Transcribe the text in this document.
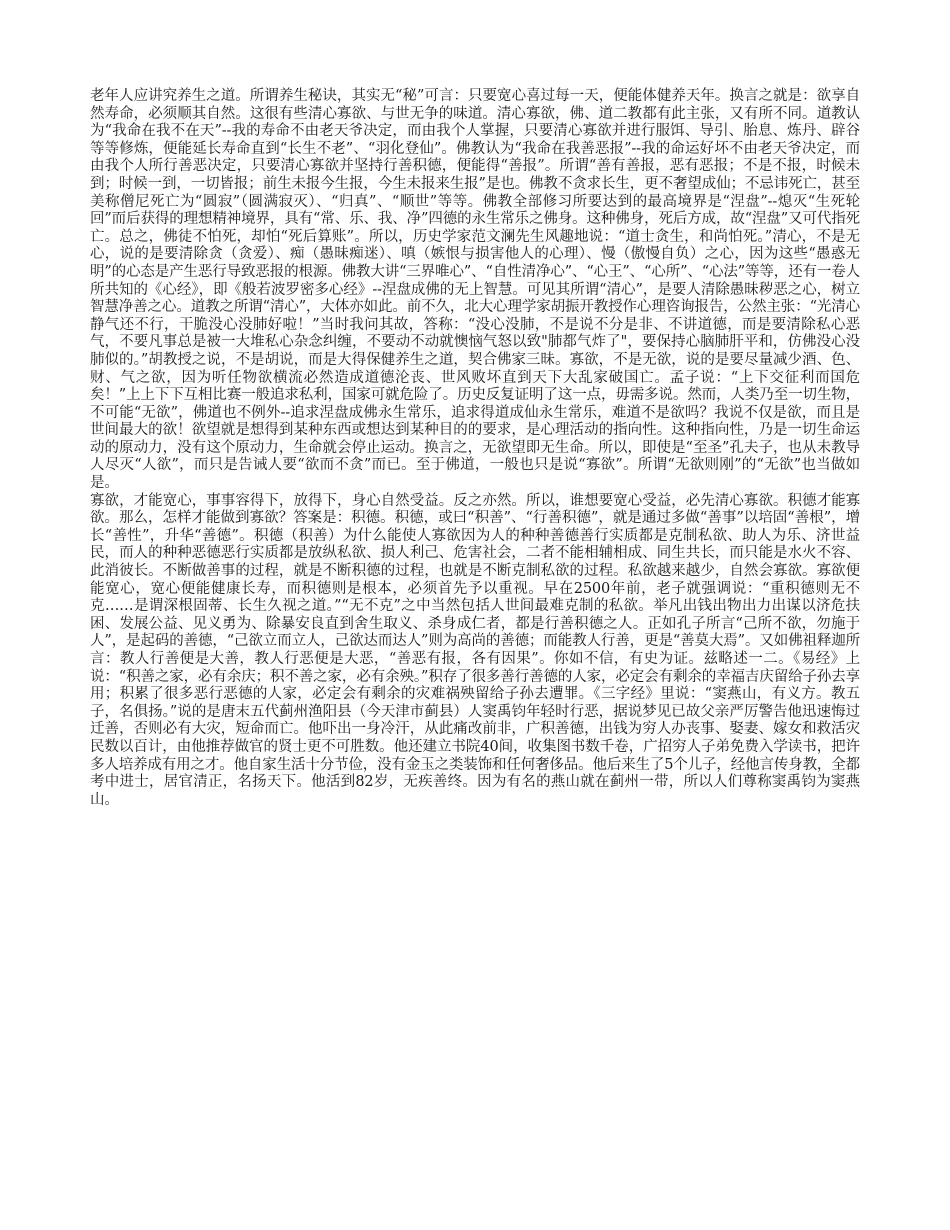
老年人应讲究养生之道。所谓养生秘诀，其实无“秘”可言：只要宽心喜过每一天，便能体健养天年。换言之就是：欲享自然寿命，必须顺其自然。这很有些清心寡欲、与世无争的味道。清心寡欲，佛、道二教都有此主张，又有所不同。道教认为“我命在我不在天”--我的寿命不由老天爷决定，而由我个人掌握，只要清心寡欲并进行服饵、导引、胎息、炼丹、辟谷等等修炼，便能延长寿命直到“长生不老”、“羽化登仙”。佛教认为“我命在我善恶报”--我的命运好坏不由老天爷决定，而由我个人所行善恶决定，只要清心寡欲并坚持行善积德，便能得“善报”。所谓“善有善报，恶有恶报；不是不报，时候未到；时候一到，一切皆报；前生未报今生报，今生未报来生报”是也。佛教不贪求长生，更不奢望成仙；不忌讳死亡，甚至美称僧尼死亡为“圆寂”（圆满寂灭）、“归真”、“顺世”等等。佛教全部修习所要达到的最高境界是“涅盘”--熄灭“生死轮回”而后获得的理想精神境界，具有“常、乐、我、净”四德的永生常乐之佛身。这种佛身，死后方成，故“涅盘”又可代指死亡。总之，佛徒不怕死，却怕“死后算账”。所以，历史学家范文澜先生风趣地说：“道士贪生，和尚怕死。”清心，不是无心，说的是要清除贪（贪爱）、痴（愚昧痴迷）、嗔（嫉恨与损害他人的心理）、慢（傲慢自负）之心，因为这些“愚惑无明”的心态是产生恶行导致恶报的根源。佛教大讲“三界唯心”、“自性清净心”、“心王”、“心所”、“心法”等等，还有一卷人所共知的《心经》，即《般若波罗密多心经》--涅盘成佛的无上智慧。可见其所谓“清心”，是要人清除愚昧秽恶之心，树立智慧净善之心。道教之所谓“清心”，大体亦如此。前不久，北大心理学家胡振开教授作心理咨询报告，公然主张：“光清心静气还不行，干脆没心没肺好啦！”当时我问其故，答称：“没心没肺，不是说不分是非、不讲道德，而是要清除私心恶气，不要凡事总是被一大堆私心杂念纠缠，不要动不动就懊恼气怒以致"肺都气炸了"，要保持心脑肺肝平和，仿佛没心没肺似的。”胡教授之说，不是胡说，而是大得保健养生之道，契合佛家三昧。寡欲，不是无欲，说的是要尽量减少酒、色、财、气之欲，因为听任物欲横流必然造成道德沦丧、世风败坏直到天下大乱家破国亡。孟子说：“上下交征利而国危矣！”上上下下互相比赛一般追求私利，国家可就危险了。历史反复证明了这一点，毋需多说。然而，人类乃至一切生物，不可能“无欲”，佛道也不例外--追求涅盘成佛永生常乐，追求得道成仙永生常乐，难道不是欲吗？我说不仅是欲，而且是世间最大的欲！欲望就是想得到某种东西或想达到某种目的的要求，是心理活动的指向性。这种指向性，乃是一切生命运动的原动力，没有这个原动力，生命就会停止运动。换言之，无欲望即无生命。所以，即使是“至圣”孔夫子，也从未教导人尽灭“人欲”，而只是告诫人要“欲而不贪”而已。至于佛道，一般也只是说“寡欲”。所谓“无欲则刚”的“无欲”也当做如是。

寡欲，才能宽心，事事容得下，放得下，身心自然受益。反之亦然。所以，谁想要宽心受益，必先清心寡欲。积德才能寡欲。那么，怎样才能做到寡欲？答案是：积德。积德，或曰“积善”、“行善积德”，就是通过多做“善事”以培固“善根”，增长“善性”，升华“善德”。积德（积善）为什么能使人寡欲因为人的种种善德善行实质都是克制私欲、助人为乐、济世益民，而人的种种恶德恶行实质都是放纵私欲、损人利己、危害社会，二者不能相辅相成、同生共长，而只能是水火不容、此消彼长。不断做善事的过程，就是不断积德的过程，也就是不断克制私欲的过程。私欲越来越少，自然会寡欲。寡欲便能宽心，宽心便能健康长寿，而积德则是根本，必须首先予以重视。早在2500年前，老子就强调说：“重积德则无不克……是谓深根固蒂、长生久视之道。”“无不克”之中当然包括人世间最难克制的私欲。举凡出钱出物出力出谋以济危扶困、发展公益、见义勇为、除暴安良直到舍生取义、杀身成仁者，都是行善积德之人。正如孔子所言“己所不欲，勿施于人”，是起码的善德，“己欲立而立人，己欲达而达人”则为高尚的善德；而能教人行善，更是“善莫大焉”。又如佛祖释迦所言：教人行善便是大善，教人行恶便是大恶，“善恶有报，各有因果”。你如不信，有史为证。兹略述一二。《易经》上说：“积善之家，必有余庆；积不善之家，必有余殃。”积存了很多善行善德的人家，必定会有剩余的幸福吉庆留给子孙去享用；积累了很多恶行恶德的人家，必定会有剩余的灾难祸殃留给子孙去遭罪。《三字经》里说：“窦燕山，有义方。教五子，名俱扬。”说的是唐末五代蓟州渔阳县（今天津市蓟县）人窦禹钧年轻时行恶，据说梦见已故父亲严厉警告他迅速悔过迁善，否则必有大灾，短命而亡。他吓出一身冷汗，从此痛改前非，广积善德，出钱为穷人办丧事、娶妻、嫁女和救活灾民数以百计，由他推荐做官的贤士更不可胜数。他还建立书院40间，收集图书数千卷，广招穷人子弟免费入学读书，把许多人培养成有用之才。他自家生活十分节俭，没有金玉之类装饰和任何奢侈品。他后来生了5个儿子，经他言传身教，全都考中进士，居官清正，名扬天下。他活到82岁，无疾善终。因为有名的燕山就在蓟州一带，所以人们尊称窦禹钧为窦燕山。
